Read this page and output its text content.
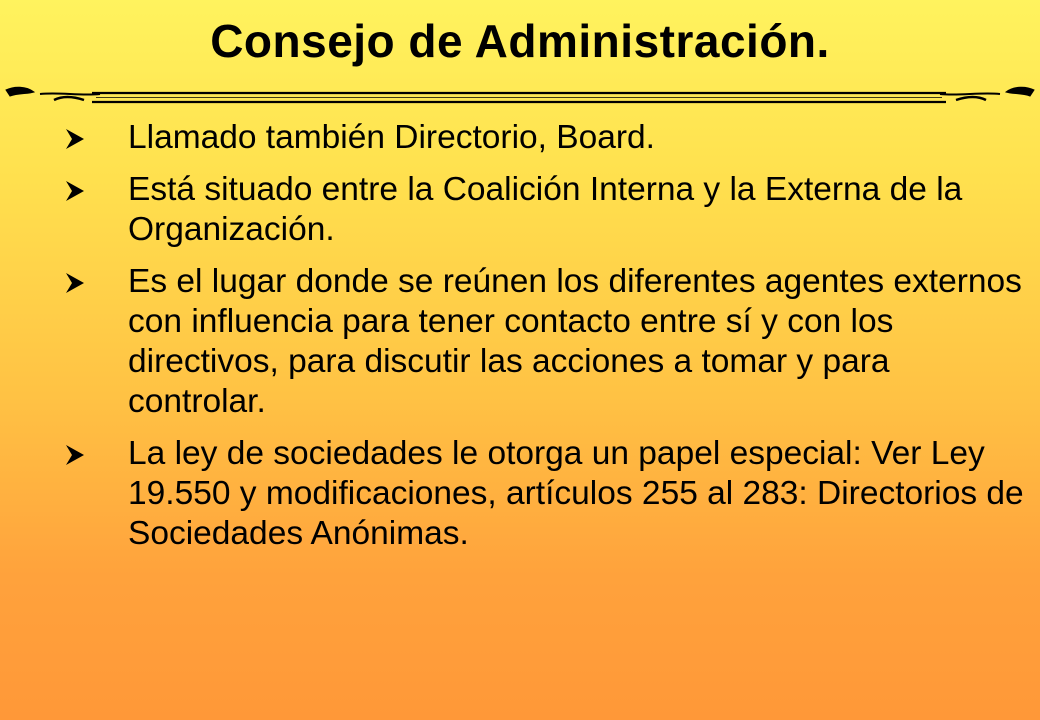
Consejo de Administración.
Llamado también Directorio, Board.
Está situado entre la Coalición Interna y la Externa de la Organización.
Es el lugar donde se reúnen los diferentes agentes externos con influencia para tener contacto entre sí y con los directivos, para discutir las acciones a tomar y para controlar.
La ley de sociedades le otorga un papel especial: Ver Ley 19.550 y modificaciones, artículos 255 al 283: Directorios de Sociedades Anónimas.
